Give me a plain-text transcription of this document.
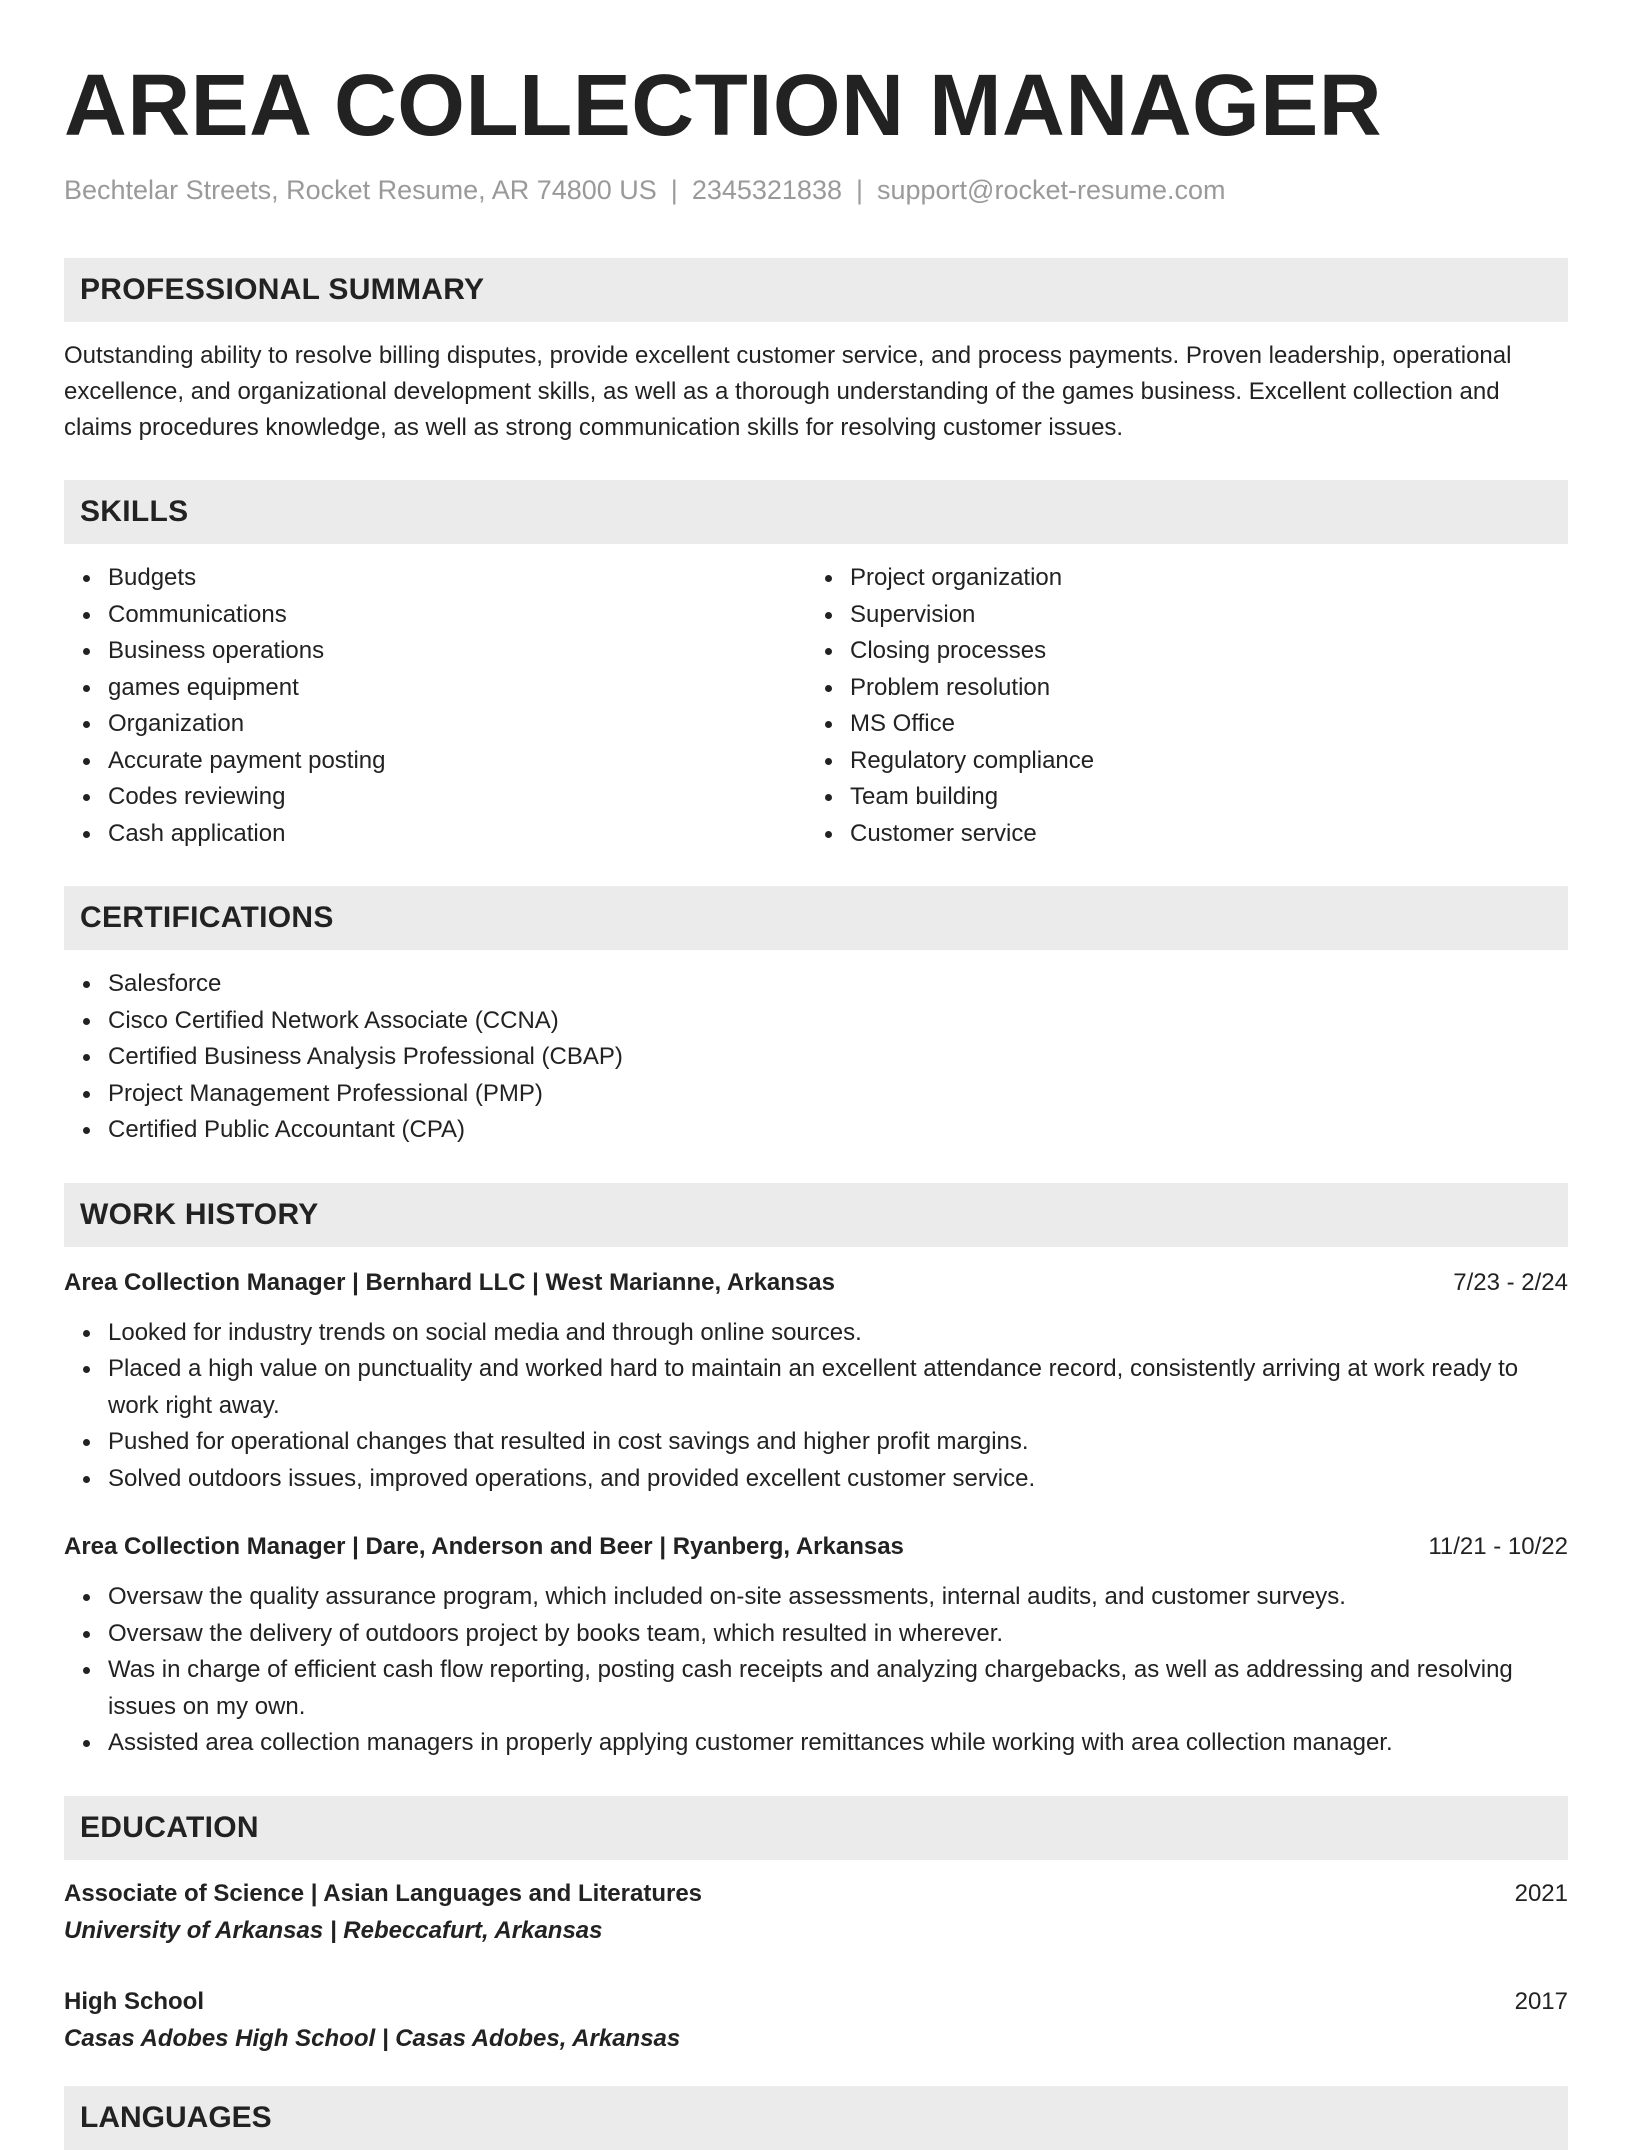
AREA COLLECTION MANAGER
Bechtelar Streets, Rocket Resume, AR 74800 US | 2345321838 | support@rocket-resume.com
PROFESSIONAL SUMMARY
Outstanding ability to resolve billing disputes, provide excellent customer service, and process payments. Proven leadership, operational excellence, and organizational development skills, as well as a thorough understanding of the games business. Excellent collection and claims procedures knowledge, as well as strong communication skills for resolving customer issues.
SKILLS
Budgets
Communications
Business operations
games equipment
Organization
Accurate payment posting
Codes reviewing
Cash application
Project organization
Supervision
Closing processes
Problem resolution
MS Office
Regulatory compliance
Team building
Customer service
CERTIFICATIONS
Salesforce
Cisco Certified Network Associate (CCNA)
Certified Business Analysis Professional (CBAP)
Project Management Professional (PMP)
Certified Public Accountant (CPA)
WORK HISTORY
Area Collection Manager | Bernhard LLC | West Marianne, Arkansas	7/23 - 2/24
Looked for industry trends on social media and through online sources.
Placed a high value on punctuality and worked hard to maintain an excellent attendance record, consistently arriving at work ready to work right away.
Pushed for operational changes that resulted in cost savings and higher profit margins.
Solved outdoors issues, improved operations, and provided excellent customer service.
Area Collection Manager | Dare, Anderson and Beer | Ryanberg, Arkansas	11/21 - 10/22
Oversaw the quality assurance program, which included on-site assessments, internal audits, and customer surveys.
Oversaw the delivery of outdoors project by books team, which resulted in wherever.
Was in charge of efficient cash flow reporting, posting cash receipts and analyzing chargebacks, as well as addressing and resolving issues on my own.
Assisted area collection managers in properly applying customer remittances while working with area collection manager.
EDUCATION
Associate of Science | Asian Languages and Literatures	2021
University of Arkansas | Rebeccafurt, Arkansas
High School	2017
Casas Adobes High School | Casas Adobes, Arkansas
LANGUAGES
